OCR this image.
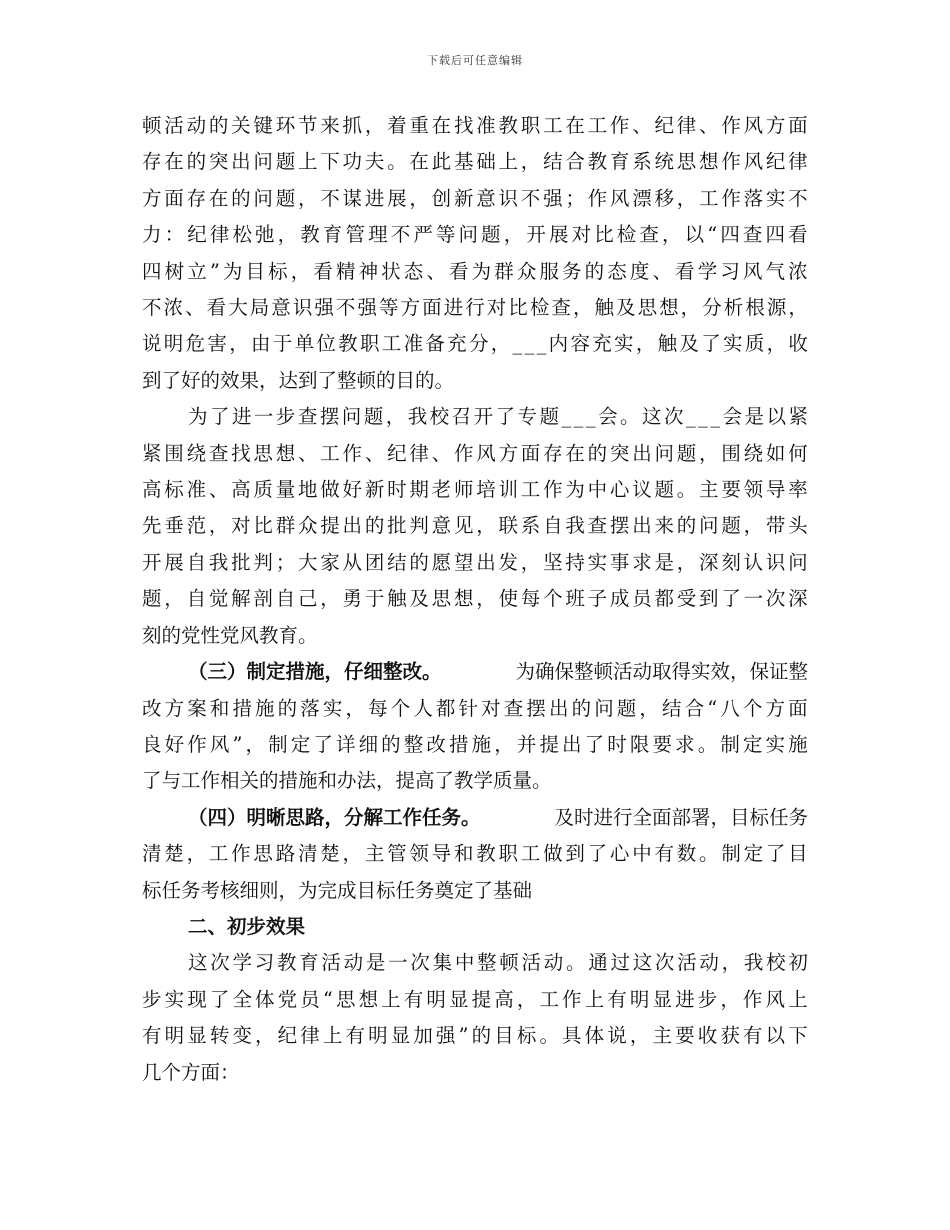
下载后可任意编辑
顿 活 动 的 关 键 环 节 来 抓 ， 着 重 在 找 准 教 职 工 在 工 作 、 纪 律 、 作 风 方 面
存 在 的 突 出 问 题 上 下 功 夫 。 在 此 基 础 上 ， 结 合 教 育 系 统 思 想 作 风 纪 律
方 面 存 在 的 问 题 ， 不 谋 进 展 ， 创 新 意 识 不 强 ； 作 风 漂 移 ， 工 作 落 实 不
力 ： 纪 律 松 弛 ， 教 育 管 理 不 严 等 问 题 ， 开 展 对 比 检 查 ， 以 “ 四 查 四 看
四 树 立 ” 为 目 标 ， 看 精 神 状 态 、 看 为 群 众 服 务 的 态 度 、 看 学 习 风 气 浓
不 浓 、 看 大 局 意 识 强 不 强 等 方 面 进 行 对 比 检 查 ， 触 及 思 想 ， 分 析 根 源 ，
说 明 危 害 ， 由 于 单 位 教 职 工 准 备 充 分 ， _ _ _ 内 容 充 实 ， 触 及 了 实 质 ， 收
到了好的效果，达到了整顿的目的。
为 了 进 一 步 查 摆 问 题 ， 我 校 召 开 了 专 题 _ _ _ 会 。 这 次 _ _ _ 会 是 以 紧
紧 围 绕 查 找 思 想 、 工 作 、 纪 律 、 作 风 方 面 存 在 的 突 出 问 题 ， 围 绕 如 何
高 标 准 、 高 质 量 地 做 好 新 时 期 老 师 培 训 工 作 为 中 心 议 题 。 主 要 领 导 率
先 垂 范 ， 对 比 群 众 提 出 的 批 判 意 见 ， 联 系 自 我 查 摆 出 来 的 问 题 ， 带 头
开 展 自 我 批 判 ； 大 家 从 团 结 的 愿 望 出 发 ， 坚 持 实 事 求 是 ， 深 刻 认 识 问
题 ， 自 觉 解 剖 自 己 ， 勇 于 触 及 思 想 ， 使 每 个 班 子 成 员 都 受 到 了 一 次 深
刻的党性党风教育。
（三）制定措施，仔细整改。	为确保整顿活动取得实效，保证整
改 方 案 和 措 施 的 落 实 ， 每 个 人 都 针 对 查 摆 出 的 问 题 ， 结 合 “ 八 个 方 面
良 好 作 风 ” ， 制 定 了 详 细 的 整 改 措 施 ， 并 提 出 了 时 限 要 求 。 制 定 实 施
了与工作相关的措施和办法，提高了教学质量。
（四）明晰思路，分解工作任务。	及时进行全面部署，目标任务
清 楚 ， 工 作 思 路 清 楚 ， 主 管 领 导 和 教 职 工 做 到 了 心 中 有 数 。 制 定 了 目
标任务考核细则，为完成目标任务奠定了基础
二、初步效果
这 次 学 习 教 育 活 动 是 一 次 集 中 整 顿 活 动 。 通 过 这 次 活 动 ， 我 校 初
步 实 现 了 全 体 党 员 “ 思 想 上 有 明 显 提 高 ， 工 作 上 有 明 显 进 步 ， 作 风 上
有 明 显 转 变 ， 纪 律 上 有 明 显 加 强 ” 的 目 标 。 具 体 说 ， 主 要 收 获 有 以 下
几个方面：
